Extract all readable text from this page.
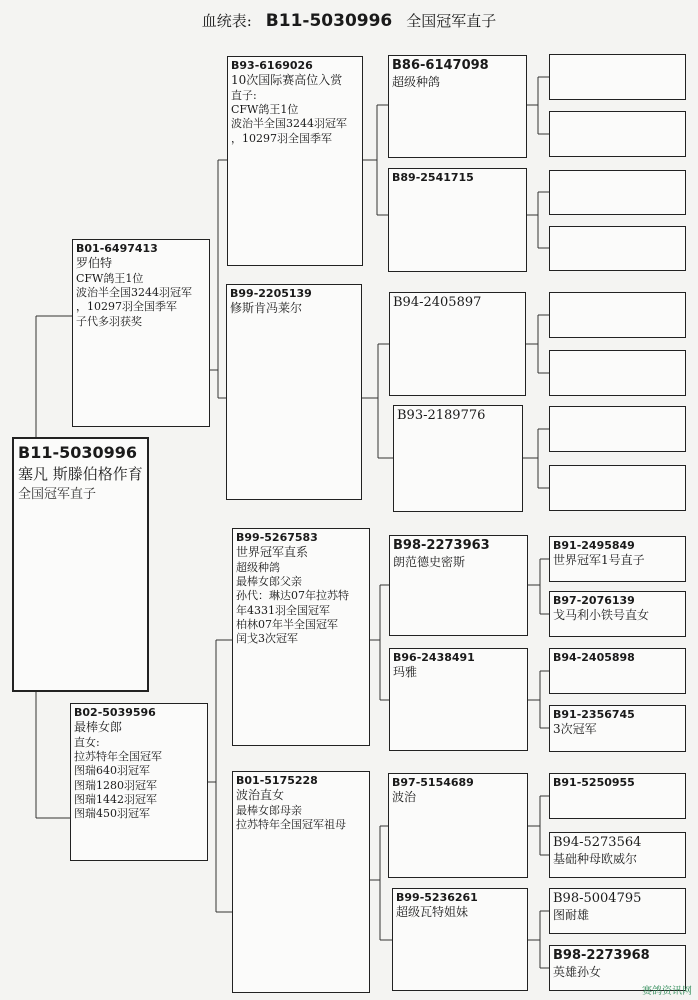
血统表: B11-5030996 全国冠军直子
B11-5030996
塞凡 斯滕伯格作育
全国冠军直子
B01-6497413
罗伯特
CFW鸽王1位
波治半全国3244羽冠军
，10297羽全国季军
子代多羽获奖
B02-5039596
最棒女郎
直女:
拉苏特年全国冠军
图瑞640羽冠军
图瑞1280羽冠军
图瑞1442羽冠军
图瑞450羽冠军
B93-6169026
10次国际赛高位入赏
直子:
CFW鸽王1位
波治半全国3244羽冠军
，10297羽全国季军
B99-2205139
修斯肯冯莱尔
B99-5267583
世界冠军直系
超级种鸽
最棒女郎父亲
孙代：琳达07年拉苏特
年4331羽全国冠军
柏林07年半全国冠军
闰戈3次冠军
B01-5175228
波治直女
最棒女郎母亲
拉苏特年全国冠军祖母
B86-6147098
超级种鸽
B89-2541715
B94-2405897
B93-2189776
B98-2273963
朗范德史密斯
B96-2438491
玛雅
B97-5154689
波治
B99-5236261
超级瓦特姐妹
B91-2495849
世界冠军1号直子
B97-2076139
戈马利小铁号直女
B94-2405898
B91-2356745
3次冠军
B91-5250955
B94-5273564
基础种母欧威尔
B98-5004795
图耐雄
B98-2273968
英雄孙女
赛鸽资讯网
